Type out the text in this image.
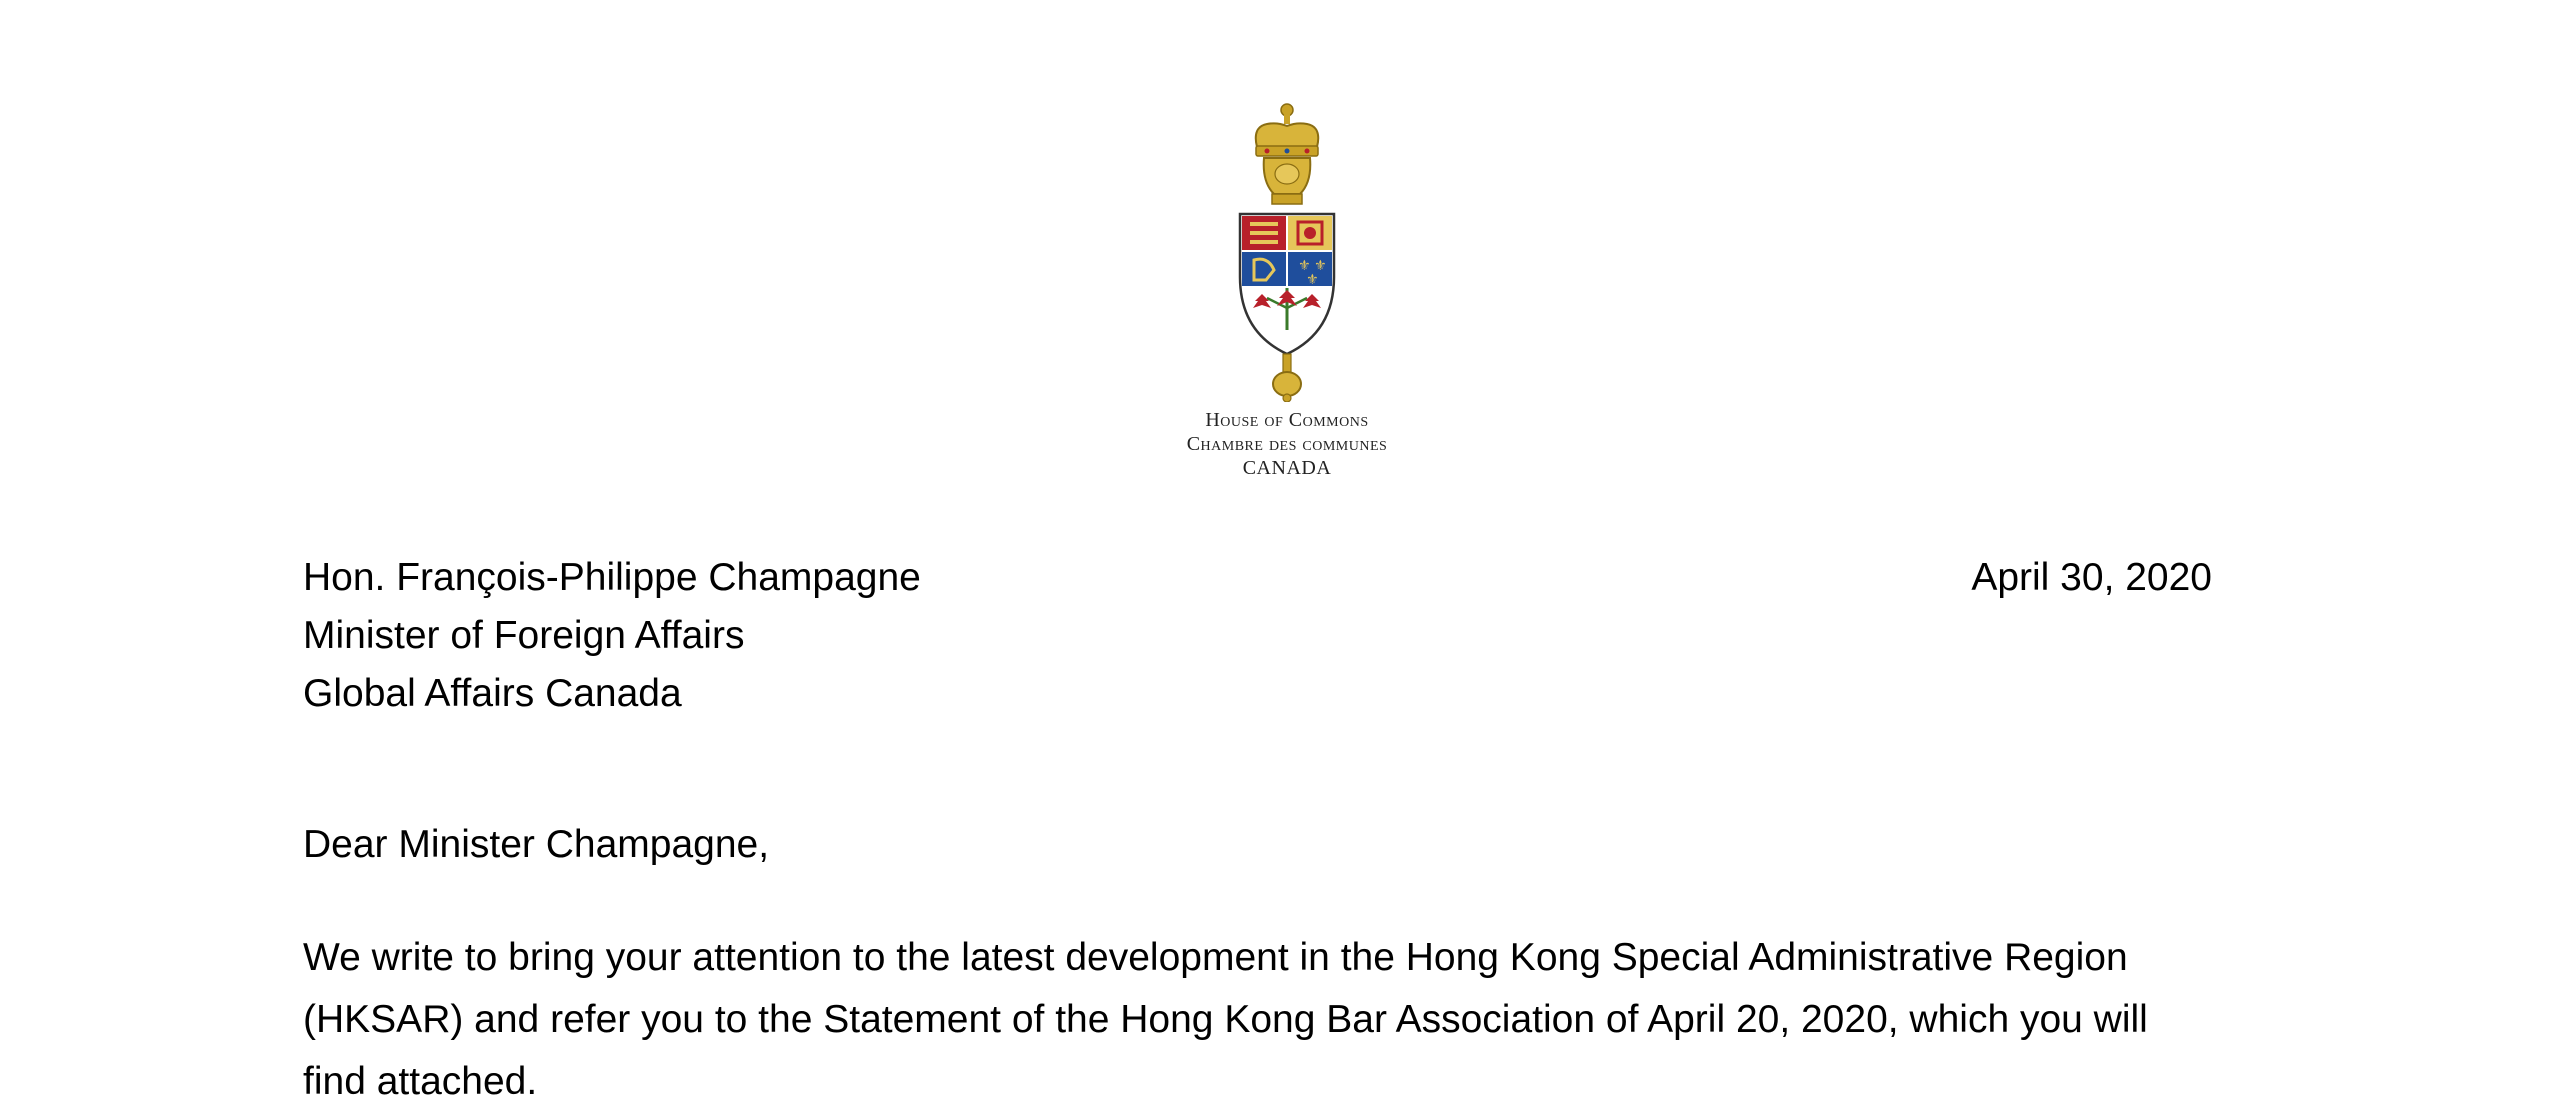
⚜ ⚜
⚜
House of Commons
Chambre des communes
CANADA
Hon. François-Philippe Champagne
Minister of Foreign Affairs
Global Affairs Canada
April 30, 2020
Dear Minister Champagne,
We write to bring your attention to the latest development in the Hong Kong Special Administrative Region
(HKSAR) and refer you to the Statement of the Hong Kong Bar Association of April 20, 2020, which you will
find attached.
